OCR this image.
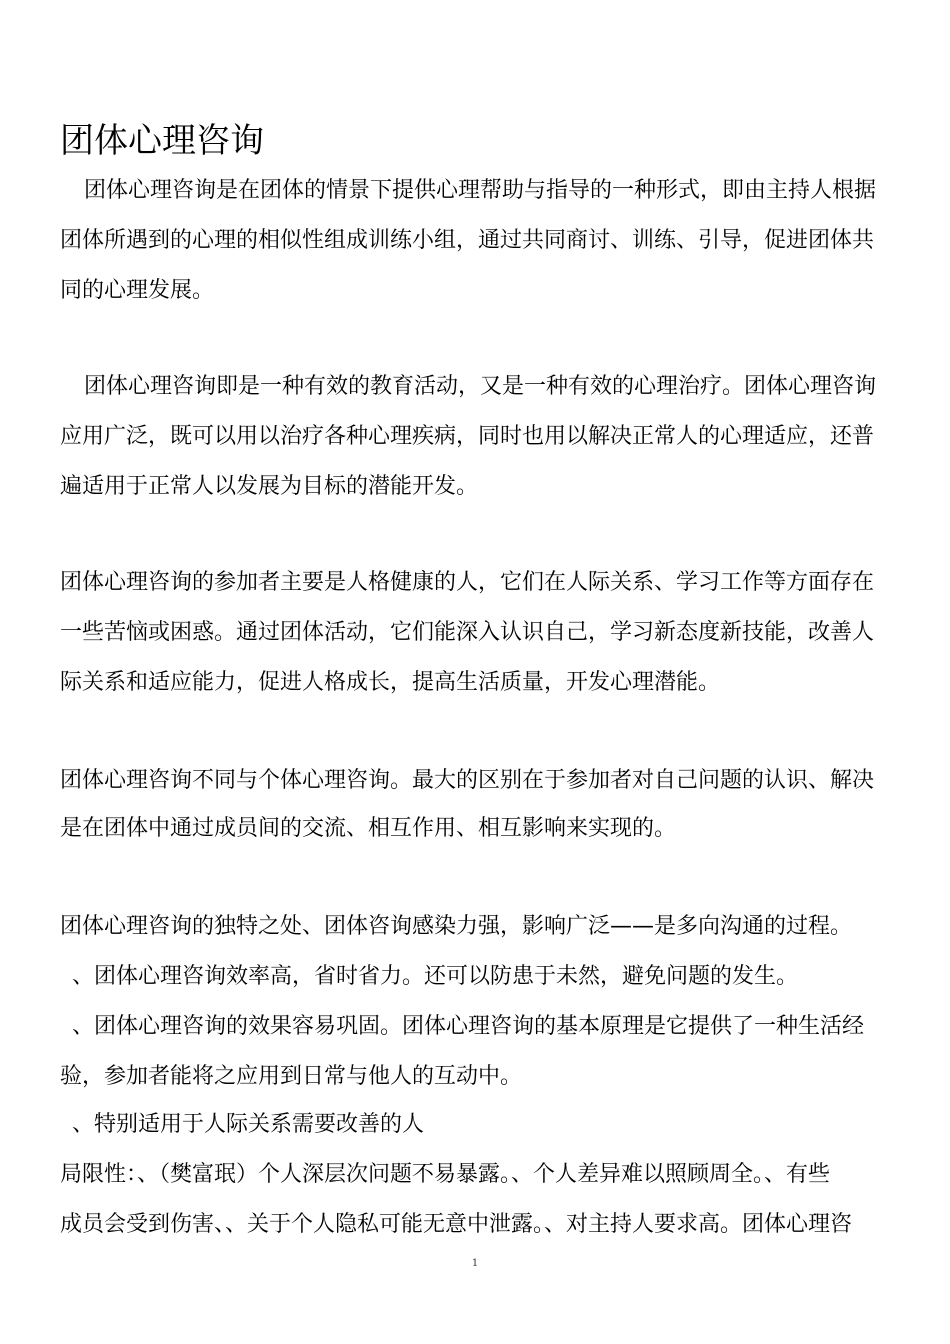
团体心理咨询
　团体心理咨询是在团体的情景下提供心理帮助与指导的一种形式，即由主持人根据
团体所遇到的心理的相似性组成训练小组，通过共同商讨、训练、引导，促进团体共
同的心理发展。
　团体心理咨询即是一种有效的教育活动，又是一种有效的心理治疗。团体心理咨询
应用广泛，既可以用以治疗各种心理疾病，同时也用以解决正常人的心理适应，还普
遍适用于正常人以发展为目标的潜能开发。
团体心理咨询的参加者主要是人格健康的人，它们在人际关系、学习工作等方面存在
一些苦恼或困惑。通过团体活动，它们能深入认识自己，学习新态度新技能，改善人
际关系和适应能力，促进人格成长，提高生活质量，开发心理潜能。
团体心理咨询不同与个体心理咨询。最大的区别在于参加者对自己问题的认识、解决
是在团体中通过成员间的交流、相互作用、相互影响来实现的。
团体心理咨询的独特之处、团体咨询感染力强，影响广泛——是多向沟通的过程。
、团体心理咨询效率高，省时省力。还可以防患于未然，避免问题的发生。
、团体心理咨询的效果容易巩固。团体心理咨询的基本原理是它提供了一种生活经
验，参加者能将之应用到日常与他人的互动中。
、特别适用于人际关系需要改善的人
局限性：、（樊富珉）个人深层次问题不易暴露。、个人差异难以照顾周全。、有些
成员会受到伤害、、关于个人隐私可能无意中泄露。、对主持人要求高。团体心理咨
1
